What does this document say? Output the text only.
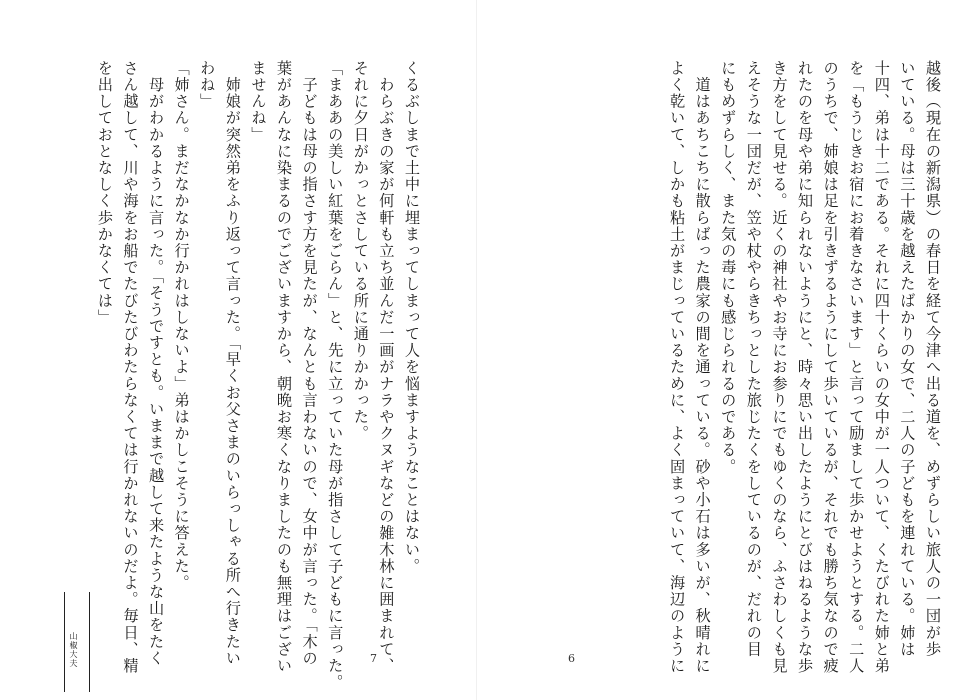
越後（現在の新潟県）の春日を経て今津へ出る道を、めずらしい旅人の一団が歩
いている。母は三十歳を越えたばかりの女で、二人の子どもを連れている。姉は
十四、弟は十二である。それに四十くらいの女中が一人ついて、くたびれた姉と弟
を「もうじきお宿にお着きなさいます」と言って励まして歩かせようとする。二人
のうちで、姉娘は足を引きずるようにして歩いているが、それでも勝ち気なので疲
れたのを母や弟に知られないようにと、時々思い出したようにとびはねるような歩
き方をして見せる。近くの神社やお寺にお参りにでもゆくのなら、ふさわしくも見
えそうな一団だが、笠や杖やらきちっとした旅じたくをしているのが、だれの目
にもめずらしく、また気の毒にも感じられるのである。
　道はあちこちに散らばった農家の間を通っている。砂や小石は多いが、秋晴れに
よく乾いて、しかも粘土がまじっているために、よく固まっていて、海辺のように
6
くるぶしまで土中に埋まってしまって人を悩ますようなことはない。
　わらぶきの家が何軒も立ち並んだ一画がナラやクヌギなどの雑木林に囲まれて、
それに夕日がかっとさしている所に通りかかった。
「まああの美しい紅葉をごらん」と、先に立っていた母が指さして子どもに言った。
　子どもは母の指さす方を見たが、なんとも言わないので、女中が言った。「木の
葉があんなに染まるのでございますから、朝晩お寒くなりましたのも無理はござい
ませんね」
　姉娘が突然弟をふり返って言った。「早くお父さまのいらっしゃる所へ行きたい
わね」
「姉さん。まだなかなか行かれはしないよ」弟はかしこそうに答えた。
　母がわかるように言った。「そうですとも。いままで越して来たような山をたく
さん越して、川や海をお船でたびたびわたらなくては行かれないのだよ。毎日、精
を出しておとなしく歩かなくては」
7
山椒大夫
